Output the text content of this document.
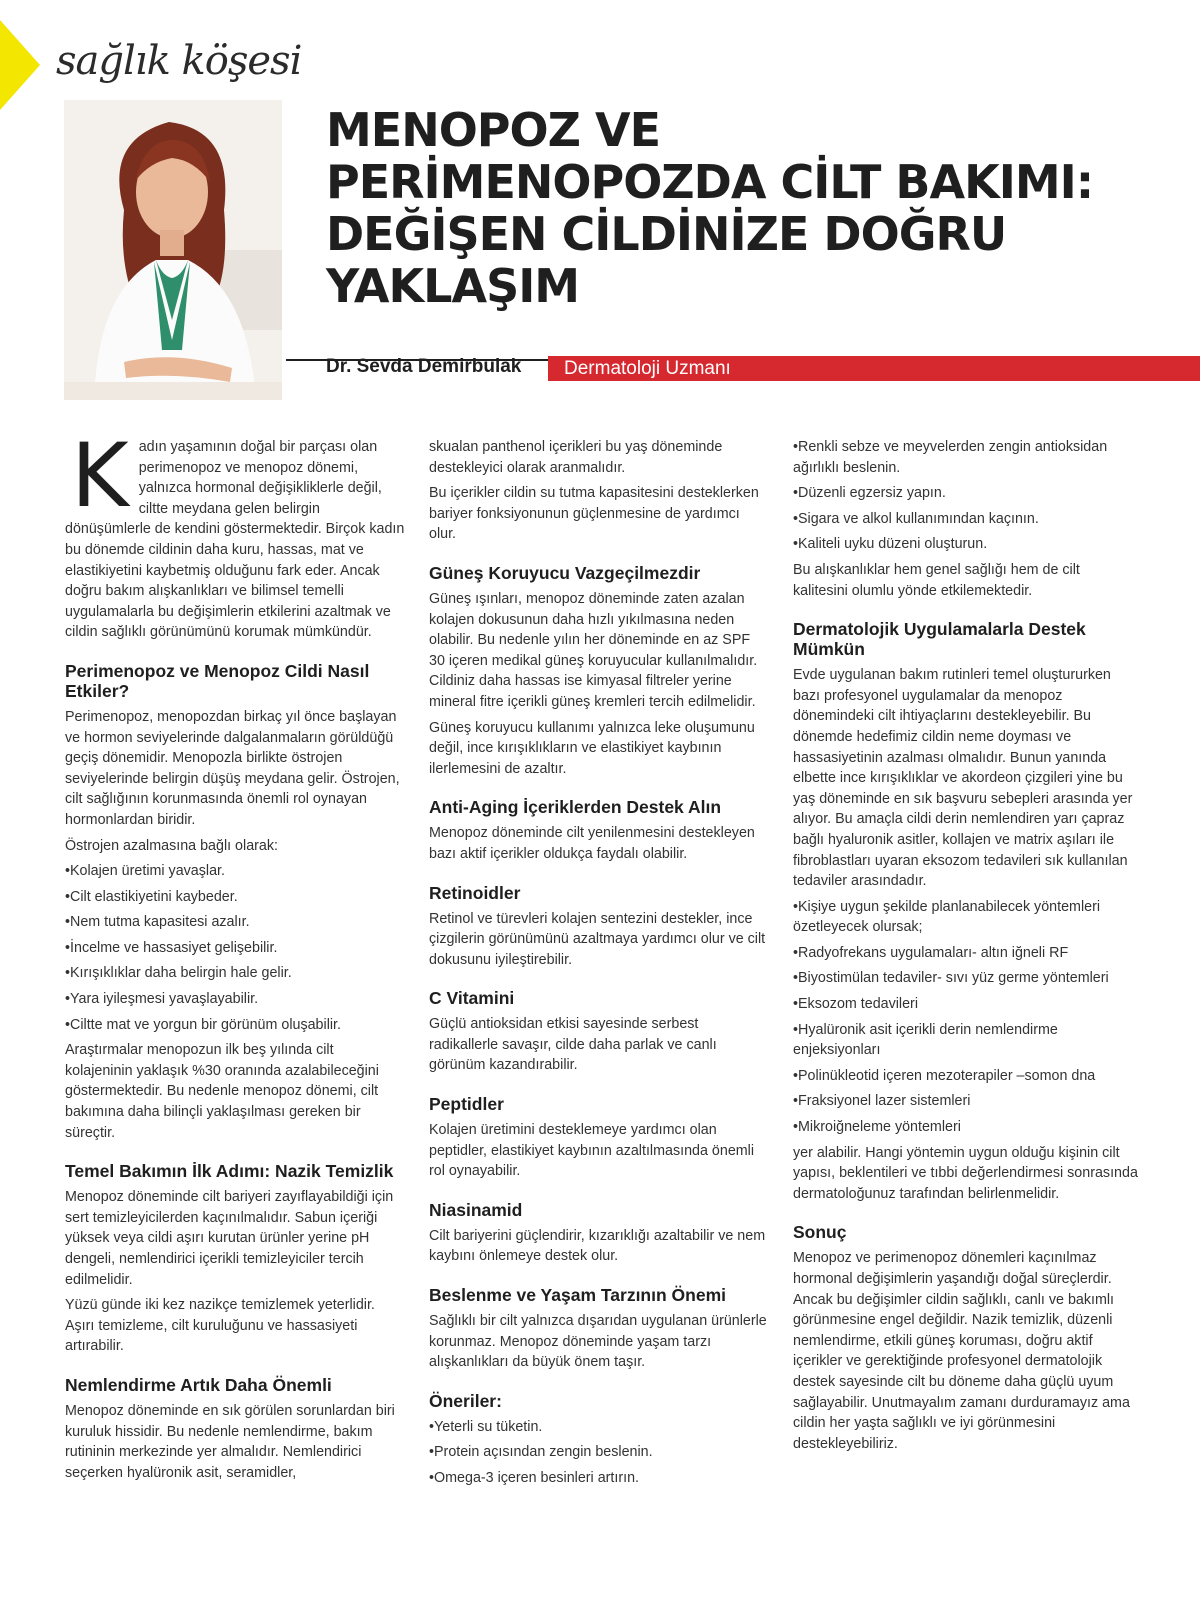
sağlık köşesi
MENOPOZ VE
PERİMENOPOZDA CİLT BAKIMI:
DEĞİŞEN CİLDİNİZE DOĞRU
YAKLAŞIM
Dr. Sevda Demirbulak	Dermatoloji Uzmanı

Kadın yaşamının doğal bir parçası olan perimenopoz ve menopoz dönemi, yalnızca hormonal değişikliklerle değil, ciltte meydana gelen belirgin dönüşümlerle de kendini göstermektedir. Birçok kadın bu dönemde cildinin daha kuru, hassas, mat ve elastikiyetini kaybetmiş olduğunu fark eder. Ancak doğru bakım alışkanlıkları ve bilimsel temelli uygulamalarla bu değişimlerin etkilerini azaltmak ve cildin sağlıklı görünümünü korumak mümkündür.

Perimenopoz ve Menopoz Cildi Nasıl Etkiler?

Perimenopoz, menopozdan birkaç yıl önce başlayan ve hormon seviyelerinde dalgalanmaların görüldüğü geçiş dönemidir. Menopozla birlikte östrojen seviyelerinde belirgin düşüş meydana gelir. Östrojen, cilt sağlığının korunmasında önemli rol oynayan hormonlardan biridir.

Östrojen azalmasına bağlı olarak:

• Kolajen üretimi yavaşlar.
• Cilt elastikiyetini kaybeder.
• Nem tutma kapasitesi azalır.
• İncelme ve hassasiyet gelişebilir.
• Kırışıklıklar daha belirgin hale gelir.
• Yara iyileşmesi yavaşlayabilir.
• Ciltte mat ve yorgun bir görünüm oluşabilir.

Araştırmalar menopozun ilk beş yılında cilt kolajeninin yaklaşık %30 oranında azalabileceğini göstermektedir. Bu nedenle menopoz dönemi, cilt bakımına daha bilinçli yaklaşılması gereken bir süreçtir.

Temel Bakımın İlk Adımı: Nazik Temizlik

Menopoz döneminde cilt bariyeri zayıflayabildiği için sert temizleyicilerden kaçınılmalıdır. Sabun içeriği yüksek veya cildi aşırı kurutan ürünler yerine pH dengeli, nemlendirici içerikli temizleyiciler tercih edilmelidir.

Yüzü günde iki kez nazikçe temizlemek yeterlidir. Aşırı temizleme, cilt kuruluğunu ve hassasiyeti artırabilir.

Nemlendirme Artık Daha Önemli

Menopoz döneminde en sık görülen sorunlardan biri kuruluk hissidir. Bu nedenle nemlendirme, bakım rutininin merkezinde yer almalıdır. Nemlendirici seçerken hyalüronik asit, seramidler,

skualan panthenol içerikleri bu yaş döneminde destekleyici olarak aranmalıdır.

Bu içerikler cildin su tutma kapasitesini desteklerken bariyer fonksiyonunun güçlenmesine de yardımcı olur.

Güneş Koruyucu Vazgeçilmezdir

Güneş ışınları, menopoz döneminde zaten azalan kolajen dokusunun daha hızlı yıkılmasına neden olabilir. Bu nedenle yılın her döneminde en az SPF 30 içeren medikal güneş koruyucular kullanılmalıdır. Cildiniz daha hassas ise kimyasal filtreler yerine mineral fitre içerikli güneş kremleri tercih edilmelidir.

Güneş koruyucu kullanımı yalnızca leke oluşumunu değil, ince kırışıklıkların ve elastikiyet kaybının ilerlemesini de azaltır.

Anti-Aging İçeriklerden Destek Alın

Menopoz döneminde cilt yenilenmesini destekleyen bazı aktif içerikler oldukça faydalı olabilir.

Retinoidler

Retinol ve türevleri kolajen sentezini destekler, ince çizgilerin görünümünü azaltmaya yardımcı olur ve cilt dokusunu iyileştirebilir.

C Vitamini

Güçlü antioksidan etkisi sayesinde serbest radikallerle savaşır, cilde daha parlak ve canlı görünüm kazandırabilir.

Peptidler

Kolajen üretimini desteklemeye yardımcı olan peptidler, elastikiyet kaybının azaltılmasında önemli rol oynayabilir.

Niasinamid

Cilt bariyerini güçlendirir, kızarıklığı azaltabilir ve nem kaybını önlemeye destek olur.

Beslenme ve Yaşam Tarzının Önemi

Sağlıklı bir cilt yalnızca dışarıdan uygulanan ürünlerle korunmaz. Menopoz döneminde yaşam tarzı alışkanlıkları da büyük önem taşır.

Öneriler:
• Yeterli su tüketin.
• Protein açısından zengin beslenin.
• Omega-3 içeren besinleri artırın.
• Renkli sebze ve meyvelerden zengin antioksidan ağırlıklı beslenin.
• Düzenli egzersiz yapın.
• Sigara ve alkol kullanımından kaçının.
• Kaliteli uyku düzeni oluşturun.

Bu alışkanlıklar hem genel sağlığı hem de cilt kalitesini olumlu yönde etkilemektedir.

Dermatolojik Uygulamalarla Destek Mümkün

Evde uygulanan bakım rutinleri temel oluştururken bazı profesyonel uygulamalar da menopoz dönemindeki cilt ihtiyaçlarını destekleyebilir. Bu dönemde hedefimiz cildin neme doyması ve hassasiyetinin azalması olmalıdır. Bunun yanında elbette ince kırışıklıklar ve akordeon çizgileri yine bu yaş döneminde en sık başvuru sebepleri arasında yer alıyor. Bu amaçla cildi derin nemlendiren yarı çapraz bağlı hyaluronik asitler, kollajen ve matrix aşıları ile fibroblastları uyaran eksozom tedavileri sık kullanılan tedaviler arasındadır.

• Kişiye uygun şekilde planlanabilecek yöntemleri özetleyecek olursak;
• Radyofrekans uygulamaları- altın iğneli RF
• Biyostimülan tedaviler- sıvı yüz germe yöntemleri
• Eksozom tedavileri
• Hyalüronik asit içerikli derin nemlendirme enjeksiyonları
• Polinükleotid içeren mezoterapiler –somon dna
• Fraksiyonel lazer sistemleri
• Mikroiğneleme yöntemleri

yer alabilir. Hangi yöntemin uygun olduğu kişinin cilt yapısı, beklentileri ve tıbbi değerlendirmesi sonrasında dermatoloğunuz tarafından belirlenmelidir.

Sonuç

Menopoz ve perimenopoz dönemleri kaçınılmaz hormonal değişimlerin yaşandığı doğal süreçlerdir. Ancak bu değişimler cildin sağlıklı, canlı ve bakımlı görünmesine engel değildir. Nazik temizlik, düzenli nemlendirme, etkili güneş koruması, doğru aktif içerikler ve gerektiğinde profesyonel dermatolojik destek sayesinde cilt bu döneme daha güçlü uyum sağlayabilir. Unutmayalım zamanı durduramayız ama cildin her yaşta sağlıklı ve iyi görünmesini destekleyebiliriz.
